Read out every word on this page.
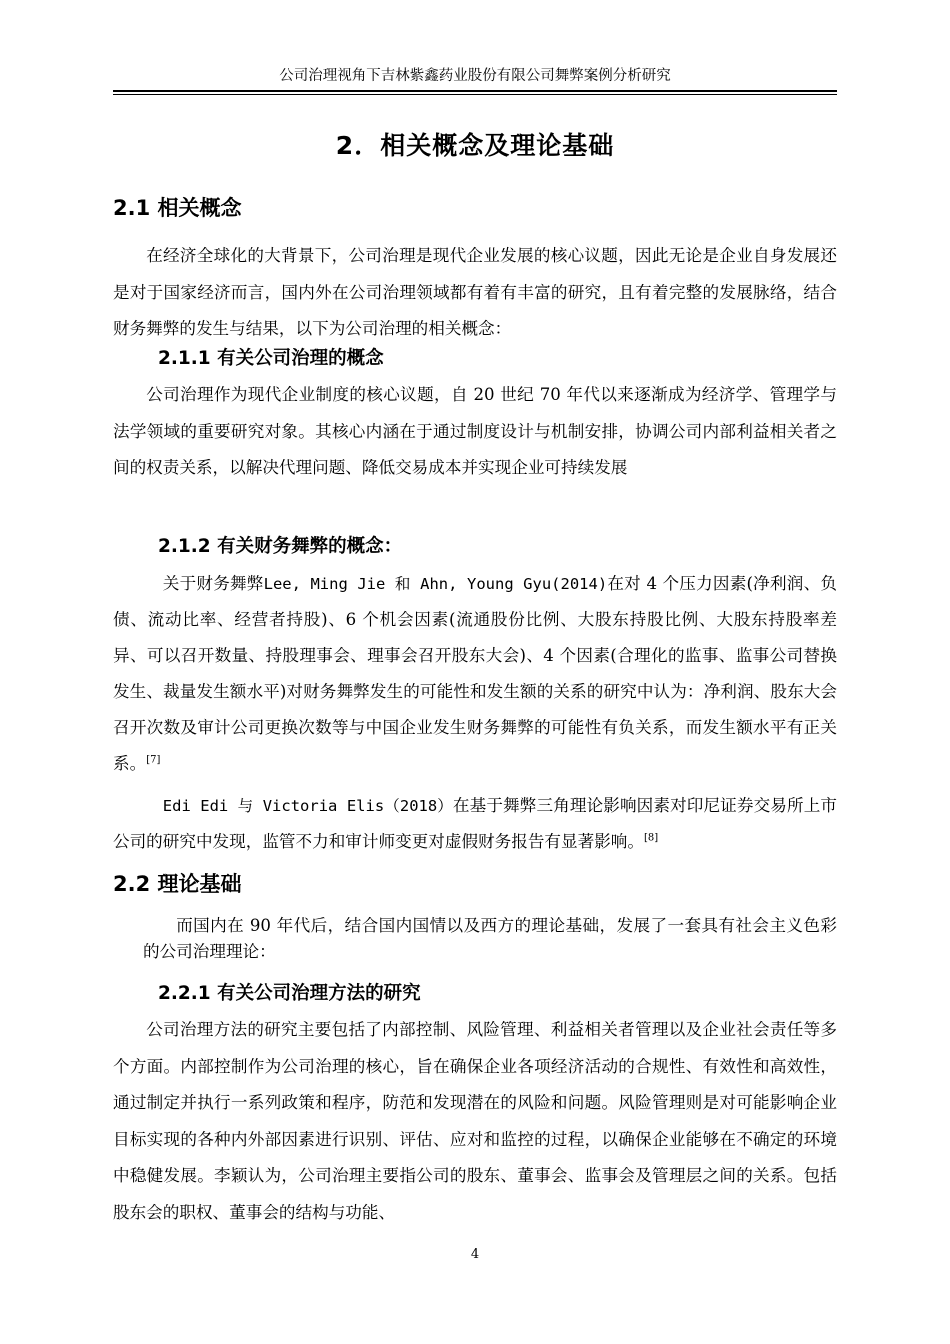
公司治理视角下吉林紫鑫药业股份有限公司舞弊案例分析研究
2．相关概念及理论基础
2.1 相关概念
在经济全球化的大背景下，公司治理是现代企业发展的核心议题，因此无论是企业自身发展还是对于国家经济而言，国内外在公司治理领域都有着有丰富的研究，且有着完整的发展脉络，结合财务舞弊的发生与结果，以下为公司治理的相关概念：
2.1.1 有关公司治理的概念
公司治理作为现代企业制度的核心议题，自 20 世纪 70 年代以来逐渐成为经济学、管理学与法学领域的重要研究对象。其核心内涵在于通过制度设计与机制安排，协调公司内部利益相关者之间的权责关系，以解决代理问题、降低交易成本并实现企业可持续发展
2.1.2 有关财务舞弊的概念：
关于财务舞弊Lee, Ming Jie 和 Ahn, Young Gyu(2014)在对 4 个压力因素(净利润、负债、流动比率、经营者持股)、6 个机会因素(流通股份比例、大股东持股比例、大股东持股率差异、可以召开数量、持股理事会、理事会召开股东大会)、4 个因素(合理化的监事、监事公司替换发生、裁量发生额水平)对财务舞弊发生的可能性和发生额的关系的研究中认为：净利润、股东大会召开次数及审计公司更换次数等与中国企业发生财务舞弊的可能性有负关系，而发生额水平有正关系。[7]
Edi Edi 与 Victoria Elis（2018）在基于舞弊三角理论影响因素对印尼证券交易所上市公司的研究中发现，监管不力和审计师变更对虚假财务报告有显著影响。[8]
2.2 理论基础
而国内在 90 年代后，结合国内国情以及西方的理论基础，发展了一套具有社会主义色彩的公司治理理论：
2.2.1 有关公司治理方法的研究
公司治理方法的研究主要包括了内部控制、风险管理、利益相关者管理以及企业社会责任等多个方面。内部控制作为公司治理的核心，旨在确保企业各项经济活动的合规性、有效性和高效性，通过制定并执行一系列政策和程序，防范和发现潜在的风险和问题。风险管理则是对可能影响企业目标实现的各种内外部因素进行识别、评估、应对和监控的过程，以确保企业能够在不确定的环境中稳健发展。李颖认为，公司治理主要指公司的股东、董事会、监事会及管理层之间的关系。包括股东会的职权、董事会的结构与功能、
4
